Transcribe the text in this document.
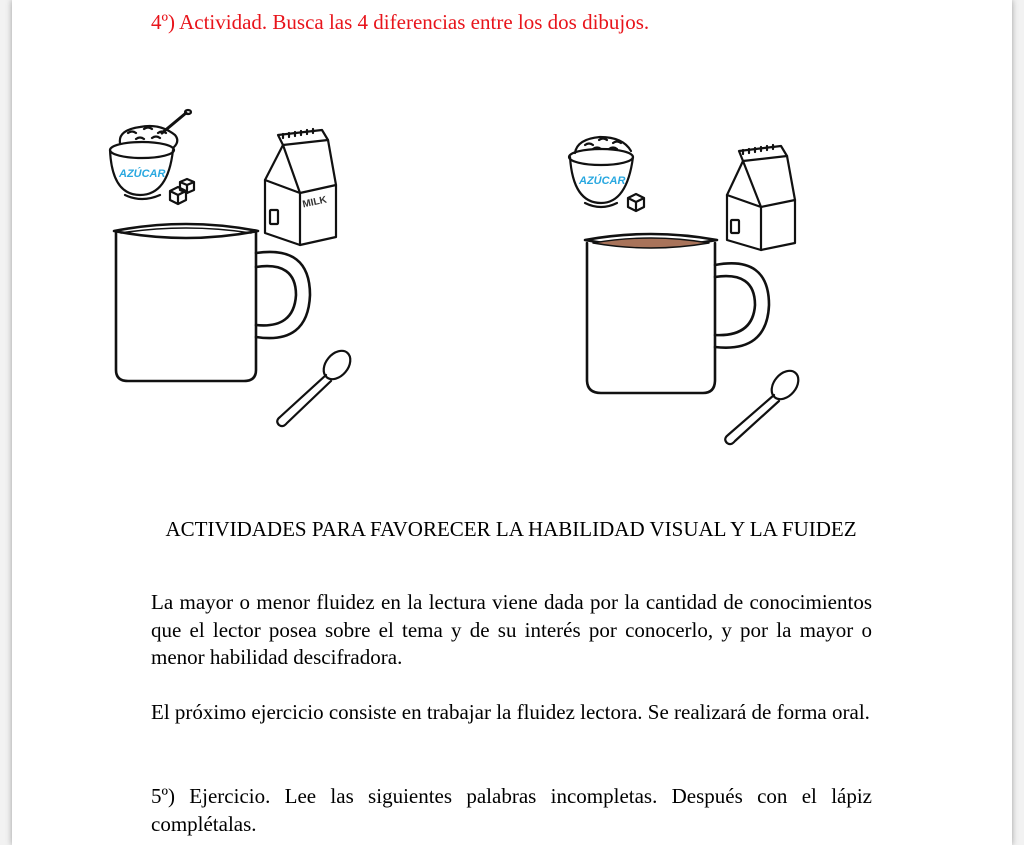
4º) Actividad. Busca las 4 diferencias entre los dos dibujos.
AZÚCAR
MILK
AZÚCAR
ACTIVIDADES PARA FAVORECER LA HABILIDAD VISUAL Y LA FUIDEZ
La mayor o menor fluidez en la lectura viene dada por la cantidad de conocimientos que el lector posea sobre el tema y de su interés por conocerlo, y por la mayor o menor habilidad descifradora.
El próximo ejercicio consiste en trabajar la fluidez lectora. Se realizará de forma oral.
5º) Ejercicio. Lee las siguientes palabras incompletas. Después con el lápiz complétalas.
